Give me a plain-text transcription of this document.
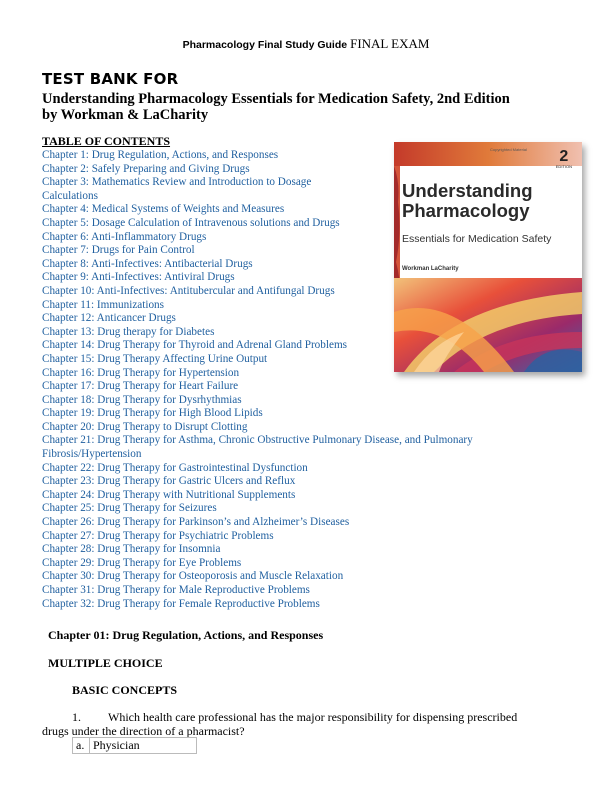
Pharmacology Final Study Guide FINAL EXAM
TEST BANK FOR
Understanding Pharmacology Essentials for Medication Safety, 2nd Edition
by Workman & LaCharity
TABLE OF CONTENTS
Chapter 1: Drug Regulation, Actions, and Responses
Chapter 2: Safely Preparing and Giving Drugs
Chapter 3: Mathematics Review and Introduction to Dosage
Calculations
Chapter 4: Medical Systems of Weights and Measures
Chapter 5: Dosage Calculation of Intravenous solutions and Drugs
Chapter 6: Anti-Inflammatory Drugs
Chapter 7: Drugs for Pain Control
Chapter 8: Anti-Infectives: Antibacterial Drugs
Chapter 9: Anti-Infectives: Antiviral Drugs
Chapter 10: Anti-Infectives: Antitubercular and Antifungal Drugs
Chapter 11: Immunizations
Chapter 12: Anticancer Drugs
Chapter 13: Drug therapy for Diabetes
Chapter 14: Drug Therapy for Thyroid and Adrenal Gland Problems
Chapter 15: Drug Therapy Affecting Urine Output
Chapter 16: Drug Therapy for Hypertension
Chapter 17: Drug Therapy for Heart Failure
Chapter 18: Drug Therapy for Dysrhythmias
Chapter 19: Drug Therapy for High Blood Lipids
Chapter 20: Drug Therapy to Disrupt Clotting
Chapter 21: Drug Therapy for Asthma, Chronic Obstructive Pulmonary Disease, and Pulmonary
Fibrosis/Hypertension
Chapter 22: Drug Therapy for Gastrointestinal Dysfunction
Chapter 23: Drug Therapy for Gastric Ulcers and Reflux
Chapter 24: Drug Therapy with Nutritional Supplements
Chapter 25: Drug Therapy for Seizures
Chapter 26: Drug Therapy for Parkinson’s and Alzheimer’s Diseases
Chapter 27: Drug Therapy for Psychiatric Problems
Chapter 28: Drug Therapy for Insomnia
Chapter 29: Drug Therapy for Eye Problems
Chapter 30: Drug Therapy for Osteoporosis and Muscle Relaxation
Chapter 31: Drug Therapy for Male Reproductive Problems
Chapter 32: Drug Therapy for Female Reproductive Problems
Copyrighted Material 2
EDITION
Understanding
Pharmacology
Essentials for Medication Safety
Workman LaCharity
Chapter 01: Drug Regulation, Actions, and Responses
MULTIPLE CHOICE
BASIC CONCEPTS
1. Which health care professional has the major responsibility for dispensing prescribed
drugs under the direction of a pharmacist?
a.	Physician
